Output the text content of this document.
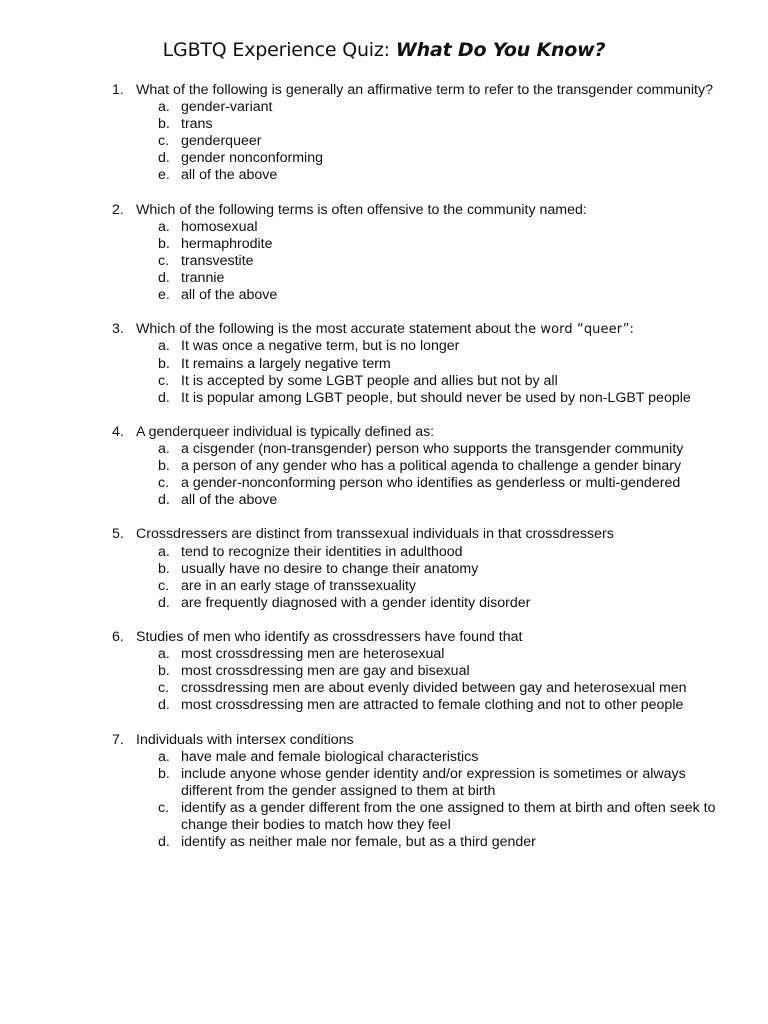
LGBTQ Experience Quiz: What Do You Know?
1. What of the following is generally an affirmative term to refer to the transgender community?
a. gender-variant
b. trans
c. genderqueer
d. gender nonconforming
e. all of the above
2. Which of the following terms is often offensive to the community named:
a. homosexual
b. hermaphrodite
c. transvestite
d. trannie
e. all of the above
3. Which of the following is the most accurate statement about the word “queer”:
a. It was once a negative term, but is no longer
b. It remains a largely negative term
c. It is accepted by some LGBT people and allies but not by all
d. It is popular among LGBT people, but should never be used by non-LGBT people
4. A genderqueer individual is typically defined as:
a. a cisgender (non-transgender) person who supports the transgender community
b. a person of any gender who has a political agenda to challenge a gender binary
c. a gender-nonconforming person who identifies as genderless or multi-gendered
d. all of the above
5. Crossdressers are distinct from transsexual individuals in that crossdressers
a. tend to recognize their identities in adulthood
b. usually have no desire to change their anatomy
c. are in an early stage of transsexuality
d. are frequently diagnosed with a gender identity disorder
6. Studies of men who identify as crossdressers have found that
a. most crossdressing men are heterosexual
b. most crossdressing men are gay and bisexual
c. crossdressing men are about evenly divided between gay and heterosexual men
d. most crossdressing men are attracted to female clothing and not to other people
7. Individuals with intersex conditions
a. have male and female biological characteristics
b. include anyone whose gender identity and/or expression is sometimes or always different from the gender assigned to them at birth
c. identify as a gender different from the one assigned to them at birth and often seek to change their bodies to match how they feel
d. identify as neither male nor female, but as a third gender
